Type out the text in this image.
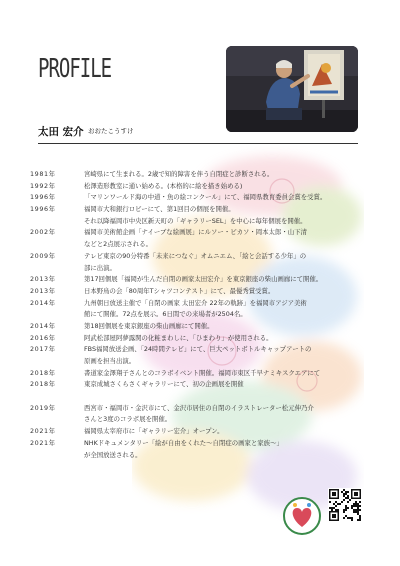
PROFILE
太田 宏介 おおたこうすけ
1981年	宮崎県にて生まれる。2歳で知的障害を伴う自閉症と診断される。
1992年	松澤造形教室に通い始める。(本格的に絵を描き始める)
1996年	「マリンワールド海の中道・魚の絵コンクール」にて、福岡県教育委員会賞を受賞。
1996年	福岡市大和銀行ロビーにて、第1回目の個展を開催。
それ以降福岡市中央区新天町の「ギャラリーSEL」を中心に毎年個展を開催。
2002年	福岡市美術館企画「ナイーブな絵画展」にルソー・ピカソ・岡本太郎・山下清
などと2点展示される。
2009年	テレビ東京の90分特番「未来につなぐ」オムニエム、「絵と会話する少年」の
部に出演。
2013年	第17回個展「福岡が生んだ自閉の画家太田宏介」を東京銀座の柴山画廊にて開催。
2013年	日本野鳥の会「80周年Tシャツコンテスト」にて、最優秀賞受賞。
2014年	九州朝日放送主催で「自閉の画家 太田宏介 22年の軌跡」を福岡市アジア美術
館にて開催。72点を展示。6日間での来場者が2504名。
2014年	第18回個展を東京銀座の柴山画廊にて開催。
2016年	阿武松部屋阿夢露関の化粧まわしに、「ひまわり」が使用される。
2017年	FBS福岡放送企画、「24時間テレビ」にて、巨大ペットボトルキャップアートの
原画を担当出演。
2018年	書道家金澤翔子さんとのコラボイベント開催。福岡市東区千早ナミキスクエアにて
2018年	東京成城さくらさくギャラリーにて、初の企画展を開催
2019年	西宮市・福岡市・金沢市にて、金沢市居住の自閉のイラストレーター松元伸乃介
さんと3度のコラボ展を開催。
2021年	福岡県太宰府市に「ギャラリー宏介」オープン。
2021年	NHKドキュメンタリー「絵が自由をくれた～自閉症の画家と家族～」
が全国放送される。
